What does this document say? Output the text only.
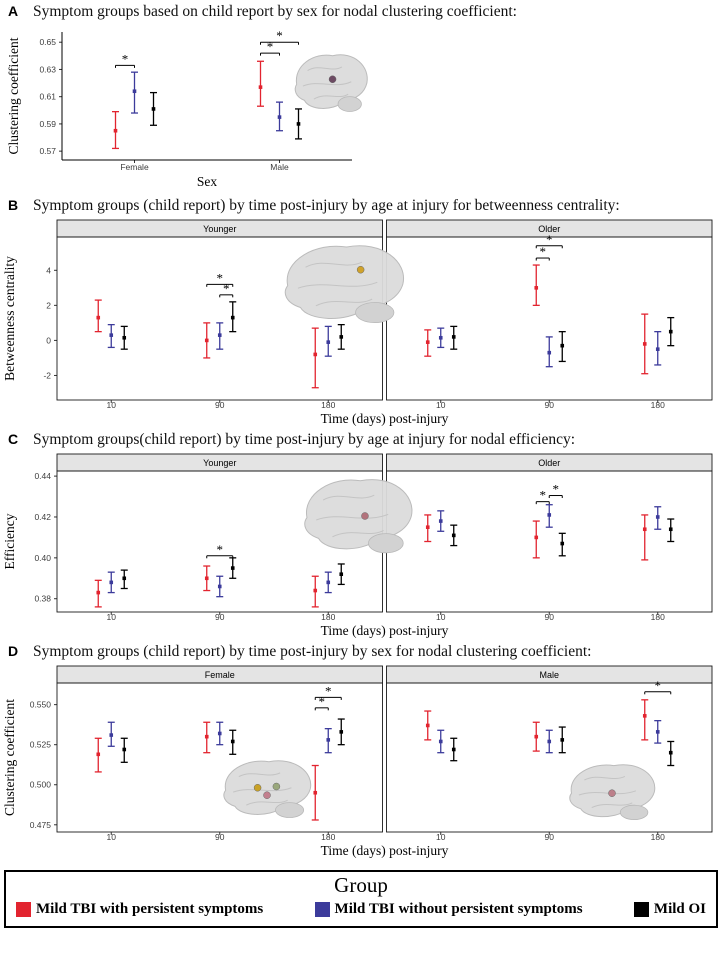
A Symptom groups based on child report by sex for nodal clustering coefficient:
0.57
0.59
0.61
0.63
0.65
Female	Male
*
*
*
Sex
Clustering coefficient
B Symptom groups (child report) by time post-injury by age at injury for betweenness centrality:
-2
0
2
4
Younger
10	90	180
Older
10	90	180
*
*
*
*
Time (days) post-injury
Betweenness centrality
C Symptom groups(child report) by time post-injury by age at injury for nodal efficiency:
0.38
0.40
0.42
0.44
Younger
10	90	180
Older
10	90	180
*
* *
Time (days) post-injury
Efficiency
D Symptom groups (child report) by time post-injury by sex for nodal clustering coefficient:
0.475
0.500
0.525
0.550
Female
10	90	180
Male
10	90	180
*
*	*
Time (days) post-injury
Clustering coefficient
Group
Mild TBI with persistent symptoms	Mild TBI without persistent symptoms	Mild OI
